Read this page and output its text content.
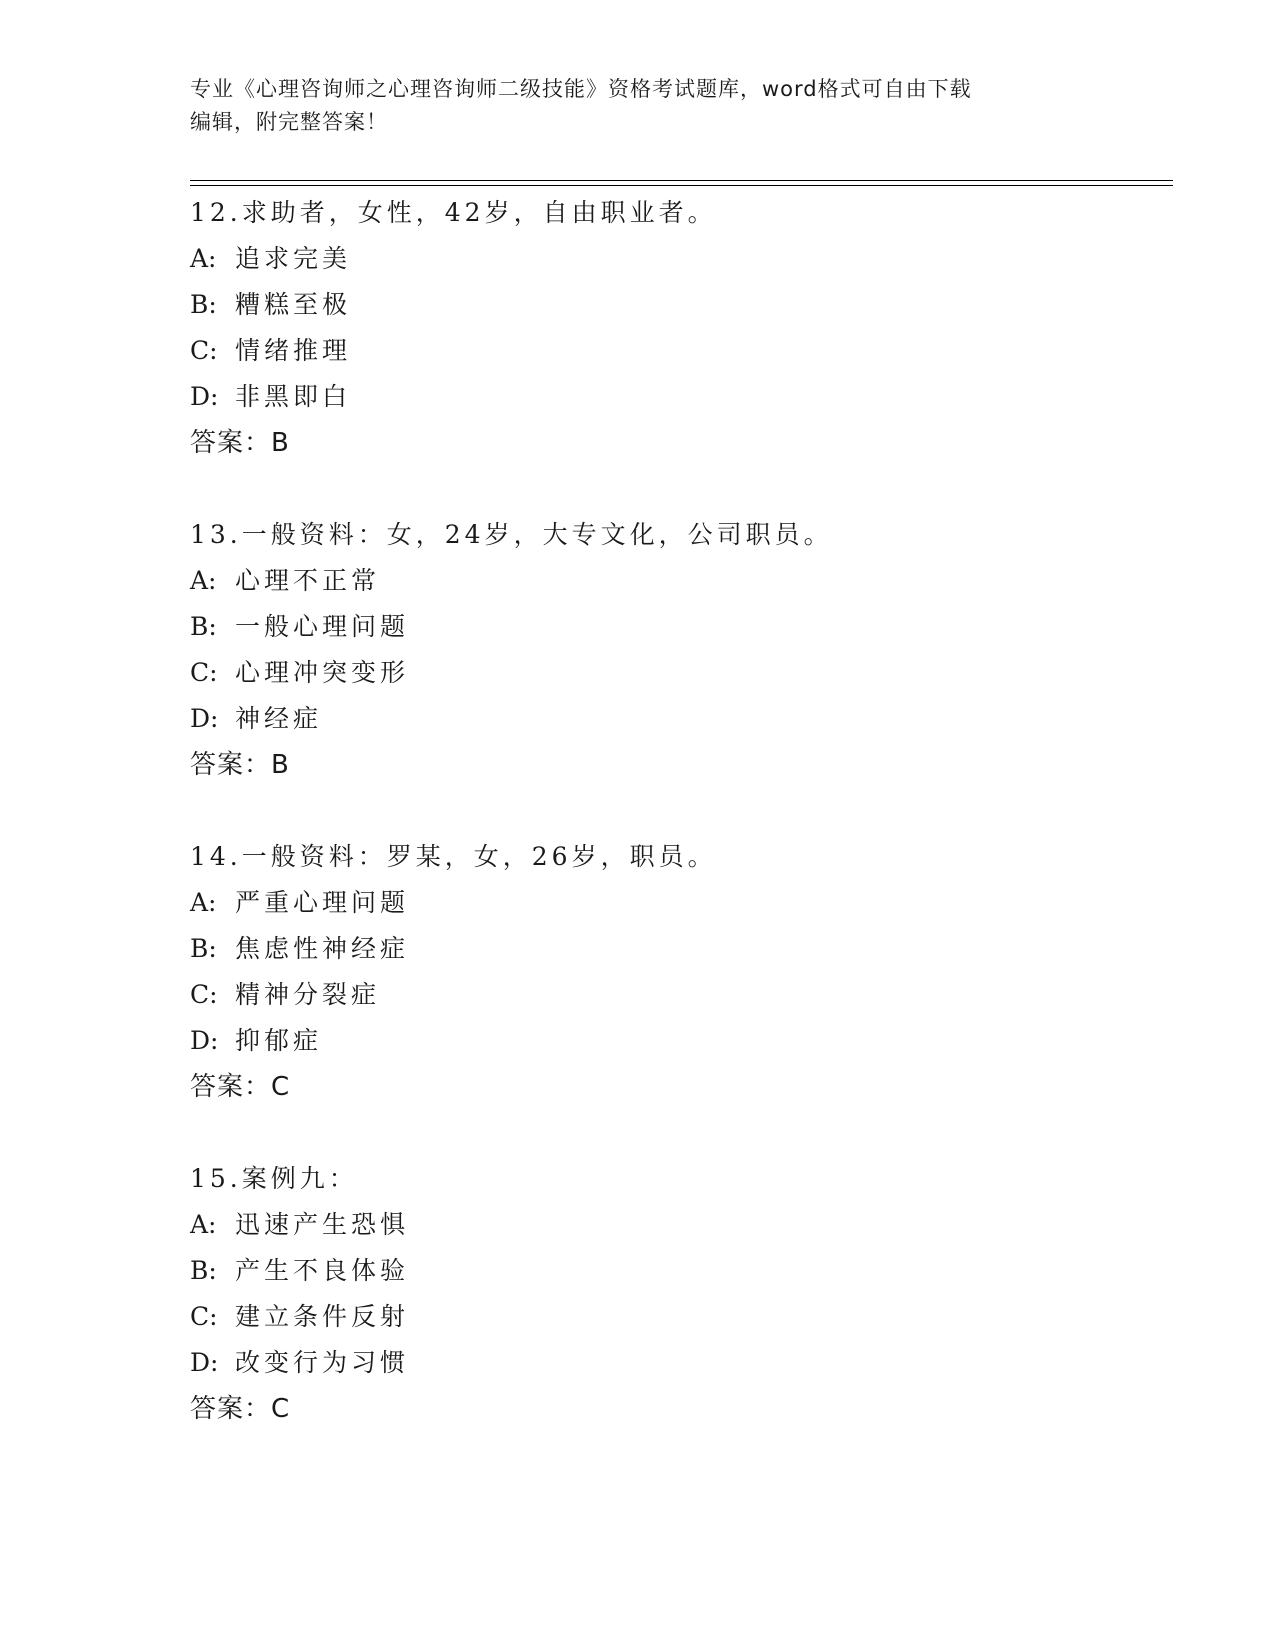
专业《心理咨询师之心理咨询师二级技能》资格考试题库，word格式可自由下载
编辑，附完整答案！
12.求助者，女性，42岁，自由职业者。
A: 追求完美
B: 糟糕至极
C: 情绪推理
D: 非黑即白
答案：B
13.一般资料：女，24岁，大专文化，公司职员。
A: 心理不正常
B: 一般心理问题
C: 心理冲突变形
D: 神经症
答案：B
14.一般资料：罗某，女，26岁，职员。
A: 严重心理问题
B: 焦虑性神经症
C: 精神分裂症
D: 抑郁症
答案：C
15.案例九：
A: 迅速产生恐惧
B: 产生不良体验
C: 建立条件反射
D: 改变行为习惯
答案：C
